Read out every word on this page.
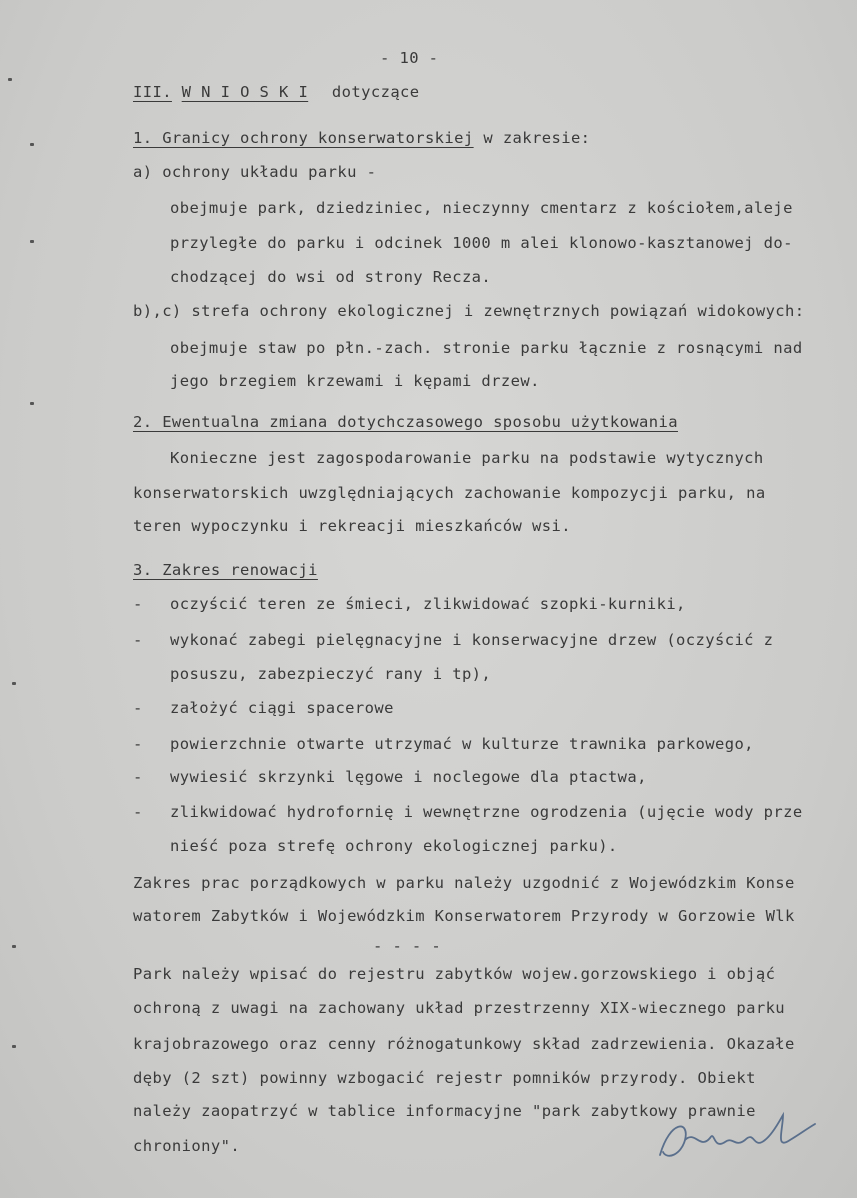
- 10 -
III. W N I O S K I dotyczące
1. Granicy ochrony konserwatorskiej w zakresie:
a) ochrony układu parku -
obejmuje park, dziedziniec, nieczynny cmentarz z kościołem,aleje
przyległe do parku i odcinek 1000 m alei klonowo-kasztanowej do-
chodzącej do wsi od strony Recza.
b),c) strefa ochrony ekologicznej i zewnętrznych powiązań widokowych:
obejmuje staw po płn.-zach. stronie parku łącznie z rosnącymi nad
jego brzegiem krzewami i kępami drzew.
2. Ewentualna zmiana dotychczasowego sposobu użytkowania
Konieczne jest zagospodarowanie parku na podstawie wytycznych
konserwatorskich uwzględniających zachowanie kompozycji parku, na
teren wypoczynku i rekreacji mieszkańców wsi.
3. Zakres renowacji
- oczyścić teren ze śmieci, zlikwidować szopki-kurniki,
- wykonać zabegi pielęgnacyjne i konserwacyjne drzew (oczyścić z
posuszu, zabezpieczyć rany i tp),
- założyć ciągi spacerowe
- powierzchnie otwarte utrzymać w kulturze trawnika parkowego,
- wywiesić skrzynki lęgowe i noclegowe dla ptactwa,
- zlikwidować hydrofornię i wewnętrzne ogrodzenia (ujęcie wody prze
nieść poza strefę ochrony ekologicznej parku).
Zakres prac porządkowych w parku należy uzgodnić z Wojewódzkim Konse
watorem Zabytków i Wojewódzkim Konserwatorem Przyrody w Gorzowie Wlk
- - - -
Park należy wpisać do rejestru zabytków wojew.gorzowskiego i objąć
ochroną z uwagi na zachowany układ przestrzenny XIX-wiecznego parku
krajobrazowego oraz cenny różnogatunkowy skład zadrzewienia. Okazałe
dęby (2 szt) powinny wzbogacić rejestr pomników przyrody. Obiekt
należy zaopatrzyć w tablice informacyjne "park zabytkowy prawnie
chroniony".
